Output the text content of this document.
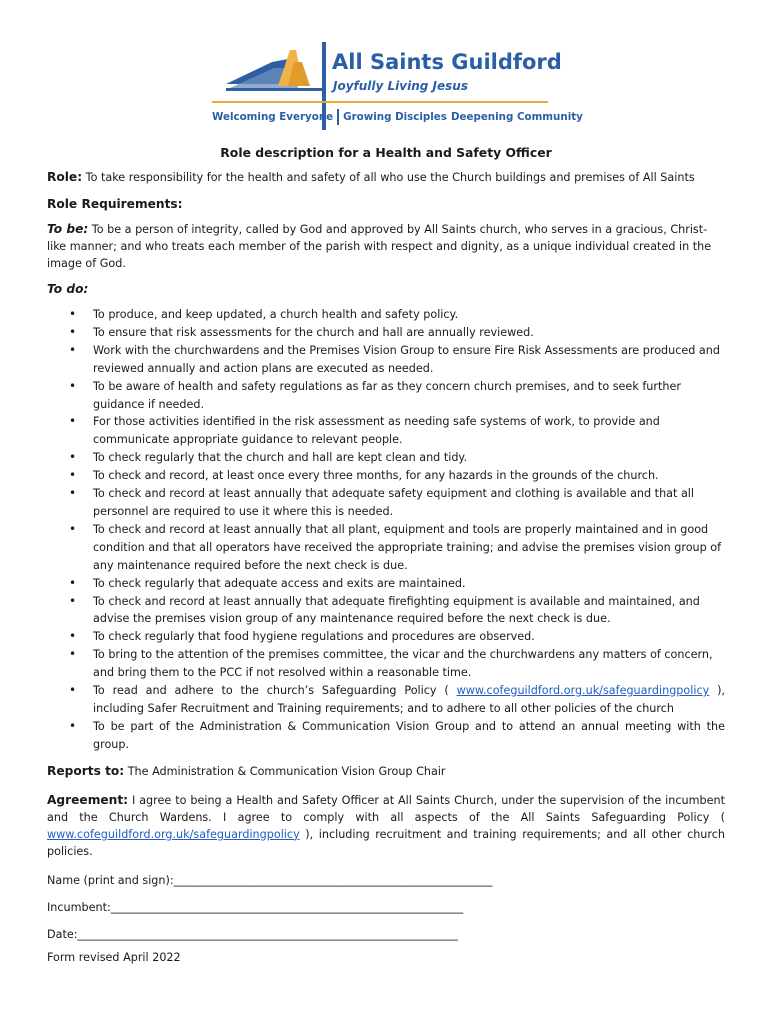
All Saints Guildford
Joyfully Living Jesus
Welcoming Everyone Growing Disciples Deepening Community
Role description for a Health and Safety Officer

Role: To take responsibility for the health and safety of all who use the Church buildings and premises of All Saints

Role Requirements:

To be: To be a person of integrity, called by God and approved by All Saints church, who serves in a gracious, Christ-like manner; and who treats each member of the parish with respect and dignity, as a unique individual created in the image of God.

To do:

• To produce, and keep updated, a church health and safety policy.
• To ensure that risk assessments for the church and hall are annually reviewed.
• Work with the churchwardens and the Premises Vision Group to ensure Fire Risk Assessments are produced and reviewed annually and action plans are executed as needed.
• To be aware of health and safety regulations as far as they concern church premises, and to seek further guidance if needed.
• For those activities identified in the risk assessment as needing safe systems of work, to provide and communicate appropriate guidance to relevant people.
• To check regularly that the church and hall are kept clean and tidy.
• To check and record, at least once every three months, for any hazards in the grounds of the church.
• To check and record at least annually that adequate safety equipment and clothing is available and that all personnel are required to use it where this is needed.
• To check and record at least annually that all plant, equipment and tools are properly maintained and in good condition and that all operators have received the appropriate training; and advise the premises vision group of any maintenance required before the next check is due.
• To check regularly that adequate access and exits are maintained.
• To check and record at least annually that adequate firefighting equipment is available and maintained, and advise the premises vision group of any maintenance required before the next check is due.
• To check regularly that food hygiene regulations and procedures are observed.
• To bring to the attention of the premises committee, the vicar and the churchwardens any matters of concern, and bring them to the PCC if not resolved within a reasonable time.
• To read and adhere to the church’s Safeguarding Policy ( www.cofeguildford.org.uk/safeguardingpolicy ), including Safer Recruitment and Training requirements; and to adhere to all other policies of the church
• To be part of the Administration & Communication Vision Group and to attend an annual meeting with the group.

Reports to: The Administration & Communication Vision Group Chair

Agreement: I agree to being a Health and Safety Officer at All Saints Church, under the supervision of the incumbent and the Church Wardens. I agree to comply with all aspects of the All Saints Safeguarding Policy ( www.cofeguildford.org.uk/safeguardingpolicy ), including recruitment and training requirements; and all other church policies.

Name (print and sign):_________________________________________________________

Incumbent:_______________________________________________________________

Date:____________________________________________________________________

Form revised April 2022
